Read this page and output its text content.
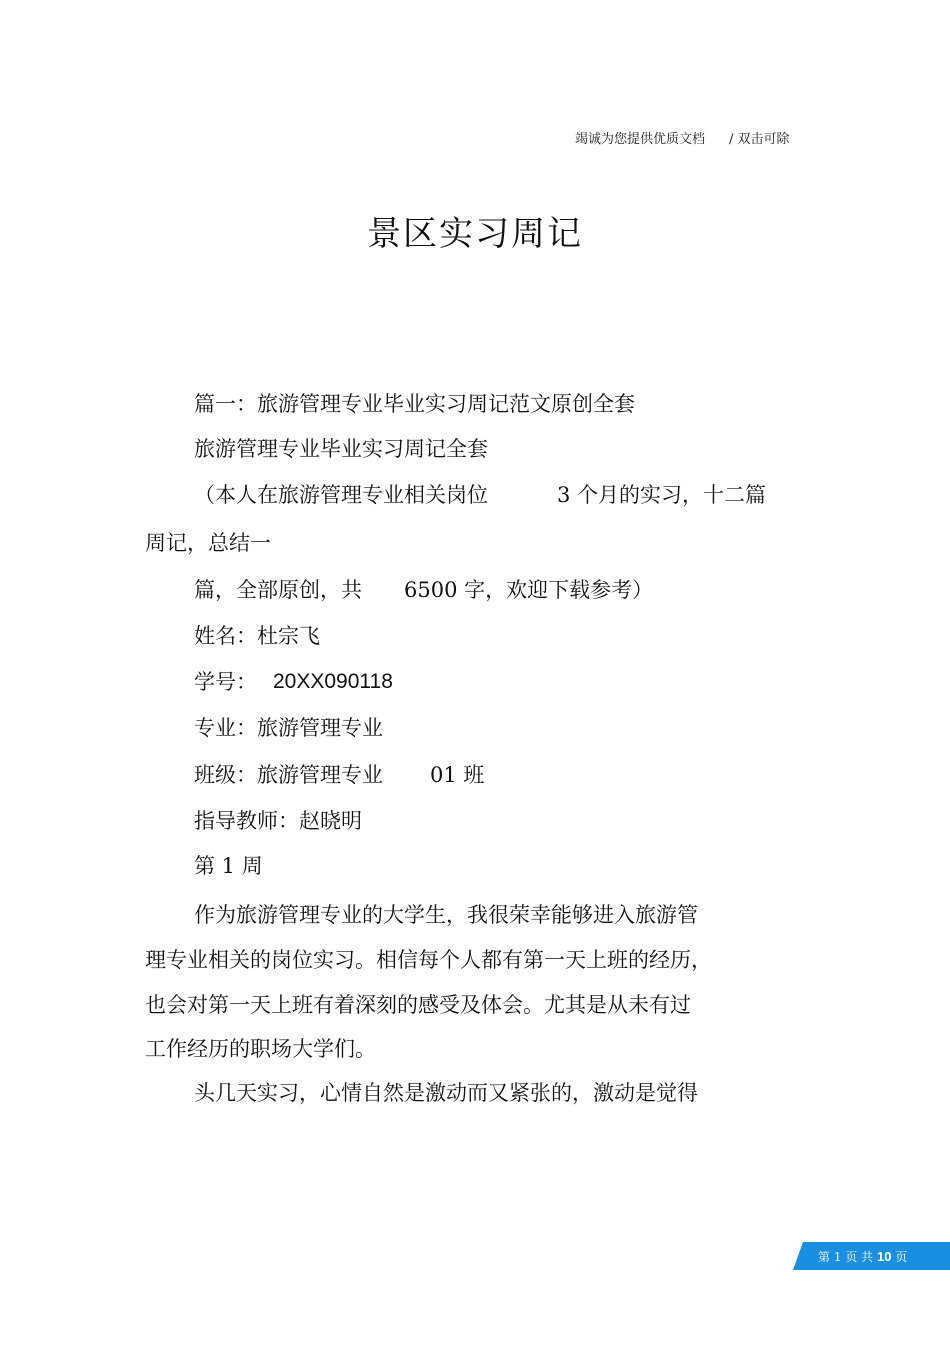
竭诚为您提供优质文档 / 双击可除
景区实习周记
篇一：旅游管理专业毕业实习周记范文原创全套
旅游管理专业毕业实习周记全套
（本人在旅游管理专业相关岗位	3 个月的实习，十二篇
周记，总结一
篇，全部原创，共 6500 字，欢迎下载参考）
姓名：杜宗飞
学号： 20XX090118
专业：旅游管理专业
班级：旅游管理专业 01 班
指导教师：赵晓明
第 1 周
作为旅游管理专业的大学生，我很荣幸能够进入旅游管
理专业相关的岗位实习。相信每个人都有第一天上班的经历，
也会对第一天上班有着深刻的感受及体会。尤其是从未有过
工作经历的职场大学们。
头几天实习，心情自然是激动而又紧张的，激动是觉得
第 1 页 共 10 页
